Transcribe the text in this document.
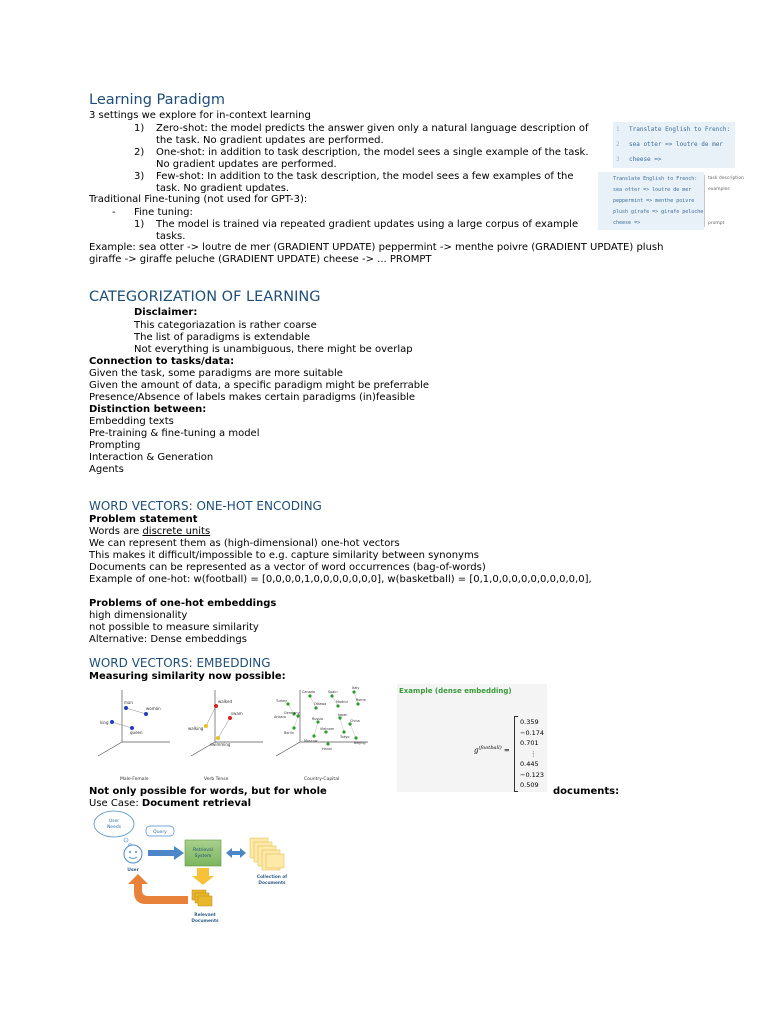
Learning Paradigm
3 settings we explore for in-context learning
1) Zero-shot: the model predicts the answer given only a natural language description of
the task. No gradient updates are performed.
2) One-shot: in addition to task description, the model sees a single example of the task.
No gradient updates are performed.
3) Few-shot: In addition to the task description, the model sees a few examples of the
task. No gradient updates.
Traditional Fine-tuning (not used for GPT-3):
- Fine tuning:
1) The model is trained via repeated gradient updates using a large corpus of example
tasks.
Example: sea otter -> loutre de mer (GRADIENT UPDATE) peppermint -> menthe poivre (GRADIENT UPDATE) plush
giraffe -> giraffe peluche (GRADIENT UPDATE) cheese -> ... PROMPT
1
2
3
Translate English to French:
sea otter => loutre de mer
cheese =>
Translate English to French:
sea otter => loutre de mer
peppermint => menthe poivre
plush girafe => girafe peluche
cheese =>
task description
examples
prompt
CATEGORIZATION OF LEARNING
Disclaimer:
This categoriazation is rather coarse
The list of paradigms is extendable
Not everything is unambiguous, there might be overlap
Connection to tasks/data:
Given the task, some paradigms are more suitable
Given the amount of data, a specific paradigm might be preferrable
Presence/Absence of labels makes certain paradigms (in)feasible
Distinction between:
Embedding texts
Pre-training & fine-tuning a model
Prompting
Interaction & Generation
Agents
WORD VECTORS: ONE-HOT ENCODING
Problem statement
Words are discrete units
We can represent them as (high-dimensional) one-hot vectors
This makes it difficult/impossible to e.g. capture similarity between synonyms
Documents can be represented as a vector of word occurrences (bag-of-words)
Example of one-hot: w(football) = [0,0,0,0,1,0,0,0,0,0,0,0], w(basketball) = [0,1,0,0,0,0,0,0,0,0,0,0],
Problems of one-hot embeddings
high dimensionality
not possible to measure similarity
Alternative: Dense embeddings
WORD VECTORS: EMBEDDING
Measuring similarity now possible:
man
woman
king
queen
walked
swam
walking
swimming
Turkey
Canada	Spain
Italy
Ottawa	Madrid
Germany
Russia
Ankara
Rome
Berlin
Moscow
Vietnam
Japan
China
Hanoi
Tokyo
Beijing
Male-Female	Verb Tense	Country-Capital
Example (dense embedding)
$g^{(football)}$ =
0.359
−0.174
0.701
⋮
0.445
−0.123
0.509
Not only possible for words, but for whole	documents:
Use Case: Document retrieval
User
Needs
Query
User
Retrieval
System
Collection of
Documents
Relevant
Documents
